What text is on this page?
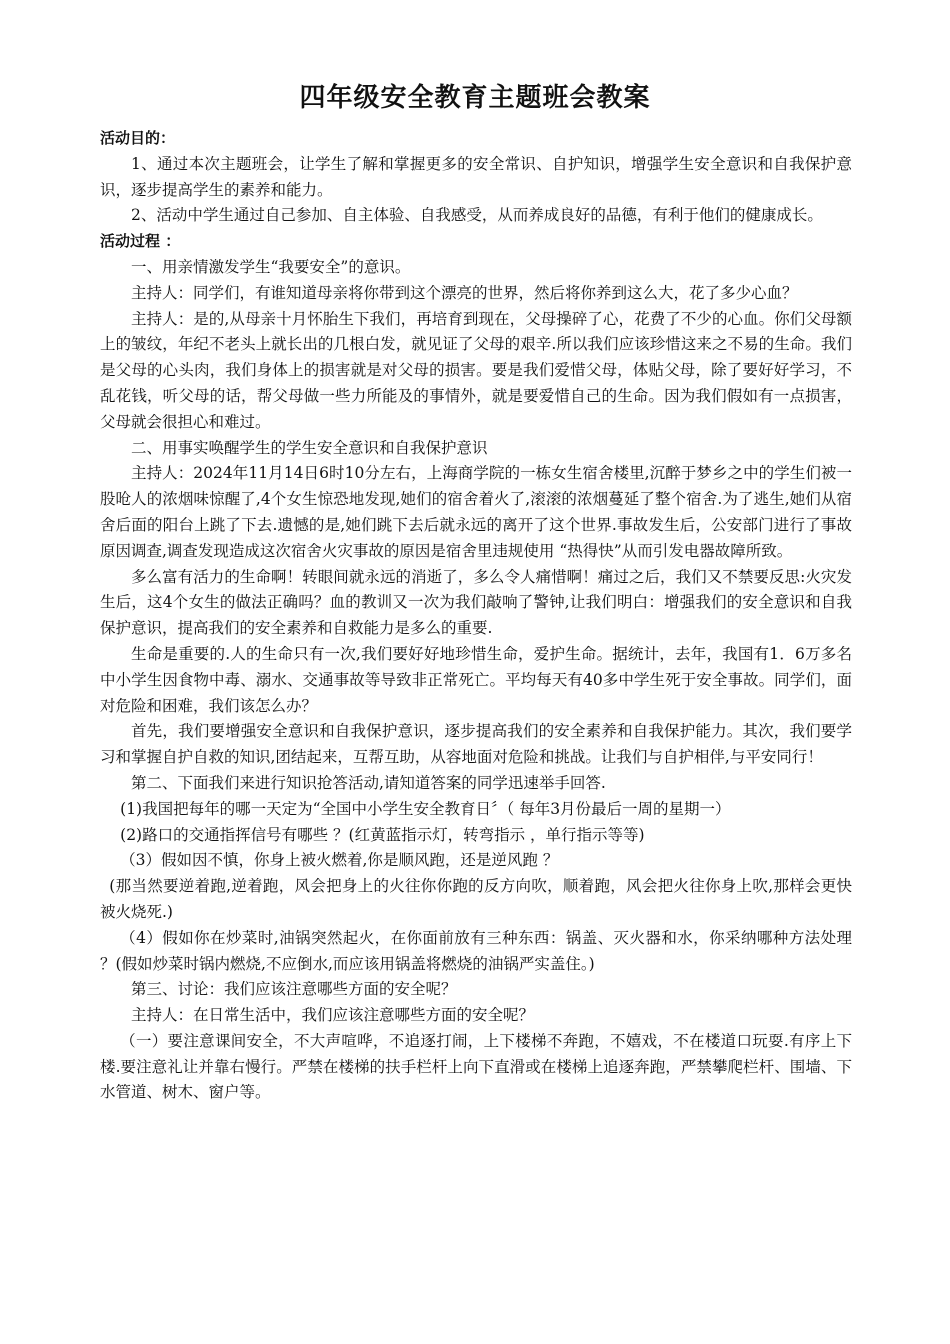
四年级安全教育主题班会教案

活动目的：

1、通过本次主题班会，让学生了解和掌握更多的安全常识、自护知识，增强学生安全意识和自我保护意识，逐步提高学生的素养和能力。

2、活动中学生通过自己参加、自主体验、自我感受，从而养成良好的品德，有利于他们的健康成长。

活动过程 ：

一、用亲情激发学生“我要安全”的意识。

主持人：同学们，有谁知道母亲将你带到这个漂亮的世界，然后将你养到这么大，花了多少心血？

主持人：是的,从母亲十月怀胎生下我们，再培育到现在，父母操碎了心，花费了不少的心血。你们父母额上的皱纹，年纪不老头上就长出的几根白发，就见证了父母的艰辛.所以我们应该珍惜这来之不易的生命。我们是父母的心头肉，我们身体上的损害就是对父母的损害。要是我们爱惜父母，体贴父母，除了要好好学习，不乱花钱，听父母的话，帮父母做一些力所能及的事情外，就是要爱惜自己的生命。因为我们假如有一点损害，父母就会很担心和难过。

二、用事实唤醒学生的学生安全意识和自我保护意识

主持人：2024年11月14日6时10分左右，上海商学院的一栋女生宿舍楼里,沉醉于梦乡之中的学生们被一股呛人的浓烟味惊醒了,4个女生惊恐地发现,她们的宿舍着火了,滚滚的浓烟蔓延了整个宿舍.为了逃生,她们从宿舍后面的阳台上跳了下去.遗憾的是,她们跳下去后就永远的离开了这个世界.事故发生后，公安部门进行了事故原因调查,调查发现造成这次宿舍火灾事故的原因是宿舍里违规使用 “热得快”从而引发电器故障所致。

多么富有活力的生命啊！转眼间就永远的消逝了，多么令人痛惜啊！痛过之后，我们又不禁要反思:火灾发生后，这4个女生的做法正确吗？血的教训又一次为我们敲响了警钟,让我们明白：增强我们的安全意识和自我保护意识，提高我们的安全素养和自救能力是多么的重要.

生命是重要的.人的生命只有一次,我们要好好地珍惜生命，爱护生命。据统计，去年，我国有1．6万多名中小学生因食物中毒、溺水、交通事故等导致非正常死亡。平均每天有40多中学生死于安全事故。同学们，面对危险和困难，我们该怎么办？

首先，我们要增强安全意识和自我保护意识，逐步提高我们的安全素养和自我保护能力。其次，我们要学习和掌握自护自救的知识,团结起来，互帮互助，从容地面对危险和挑战。让我们与自护相伴,与平安同行！

第二、下面我们来进行知识抢答活动,请知道答案的同学迅速举手回答.

(1)我国把每年的哪一天定为“全国中小学生安全教育日〞（ 每年3月份最后一周的星期一）

(2)路口的交通指挥信号有哪些 ？(红黄蓝指示灯，转弯指示 ，单行指示等等)

（3）假如因不慎，你身上被火燃着,你是顺风跑，还是逆风跑 ？

(那当然要逆着跑,逆着跑，风会把身上的火往你你跑的反方向吹，顺着跑，风会把火往你身上吹,那样会更快被火烧死.)

（4）假如你在炒菜时,油锅突然起火，在你面前放有三种东西：锅盖、灭火器和水，你采纳哪种方法处理 ？(假如炒菜时锅内燃烧,不应倒水,而应该用锅盖将燃烧的油锅严实盖住。)

第三、讨论：我们应该注意哪些方面的安全呢？

主持人：在日常生活中，我们应该注意哪些方面的安全呢？

（一）要注意课间安全，不大声喧哗，不追逐打闹，上下楼梯不奔跑，不嬉戏，不在楼道口玩耍.有序上下楼.要注意礼让并靠右慢行。严禁在楼梯的扶手栏杆上向下直滑或在楼梯上追逐奔跑，严禁攀爬栏杆、围墙、下水管道、树木、窗户等。
